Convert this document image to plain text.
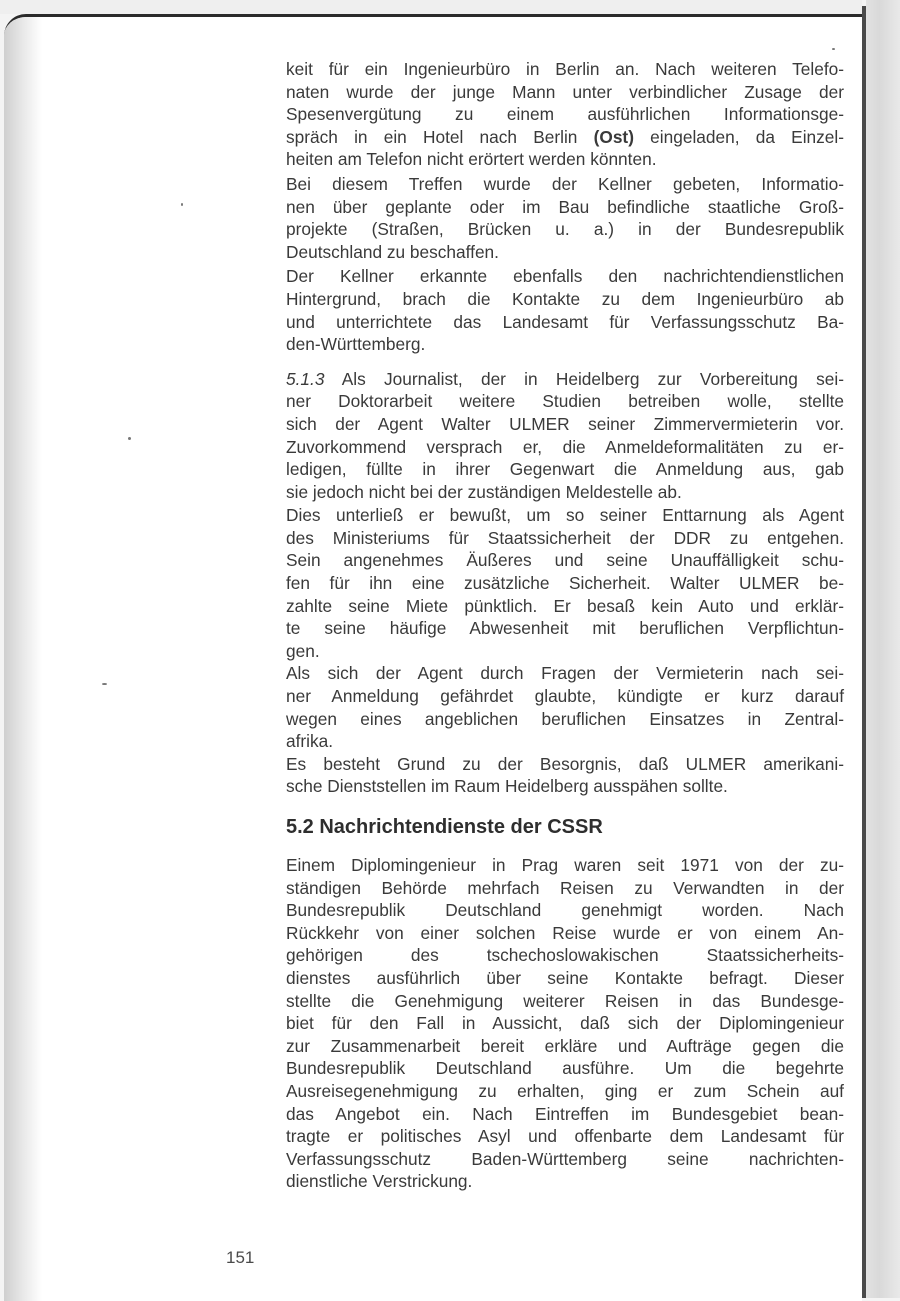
keit für ein Ingenieurbüro in Berlin an. Nach weiteren Telefo-
naten wurde der junge Mann unter verbindlicher Zusage der
Spesenvergütung zu einem ausführlichen Informationsge-
spräch in ein Hotel nach Berlin (Ost) eingeladen, da Einzel-
heiten am Telefon nicht erörtert werden könnten.

Bei diesem Treffen wurde der Kellner gebeten, Informatio-
nen über geplante oder im Bau befindliche staatliche Groß-
projekte (Straßen, Brücken u. a.) in der Bundesrepublik
Deutschland zu beschaffen.

Der Kellner erkannte ebenfalls den nachrichtendienstlichen
Hintergrund, brach die Kontakte zu dem Ingenieurbüro ab
und unterrichtete das Landesamt für Verfassungsschutz Ba-
den-Württemberg.

5.1.3 Als Journalist, der in Heidelberg zur Vorbereitung sei-
ner Doktorarbeit weitere Studien betreiben wolle, stellte
sich der Agent Walter ULMER seiner Zimmervermieterin vor.
Zuvorkommend versprach er, die Anmeldeformalitäten zu er-
ledigen, füllte in ihrer Gegenwart die Anmeldung aus, gab
sie jedoch nicht bei der zuständigen Meldestelle ab.

Dies unterließ er bewußt, um so seiner Enttarnung als Agent
des Ministeriums für Staatssicherheit der DDR zu entgehen.
Sein angenehmes Äußeres und seine Unauffälligkeit schu-
fen für ihn eine zusätzliche Sicherheit. Walter ULMER be-
zahlte seine Miete pünktlich. Er besaß kein Auto und erklär-
te seine häufige Abwesenheit mit beruflichen Verpflichtun-
gen.

Als sich der Agent durch Fragen der Vermieterin nach sei-
ner Anmeldung gefährdet glaubte, kündigte er kurz darauf
wegen eines angeblichen beruflichen Einsatzes in Zentral-
afrika.

Es besteht Grund zu der Besorgnis, daß ULMER amerikani-
sche Dienststellen im Raum Heidelberg ausspähen sollte.

5.2 Nachrichtendienste der CSSR

Einem Diplomingenieur in Prag waren seit 1971 von der zu-
ständigen Behörde mehrfach Reisen zu Verwandten in der
Bundesrepublik Deutschland genehmigt worden. Nach
Rückkehr von einer solchen Reise wurde er von einem An-
gehörigen des tschechoslowakischen Staatssicherheits-
dienstes ausführlich über seine Kontakte befragt. Dieser
stellte die Genehmigung weiterer Reisen in das Bundesge-
biet für den Fall in Aussicht, daß sich der Diplomingenieur
zur Zusammenarbeit bereit erkläre und Aufträge gegen die
Bundesrepublik Deutschland ausführe. Um die begehrte
Ausreisegenehmigung zu erhalten, ging er zum Schein auf
das Angebot ein. Nach Eintreffen im Bundesgebiet bean-
tragte er politisches Asyl und offenbarte dem Landesamt für
Verfassungsschutz Baden-Württemberg seine nachrichten-
dienstliche Verstrickung.

151
